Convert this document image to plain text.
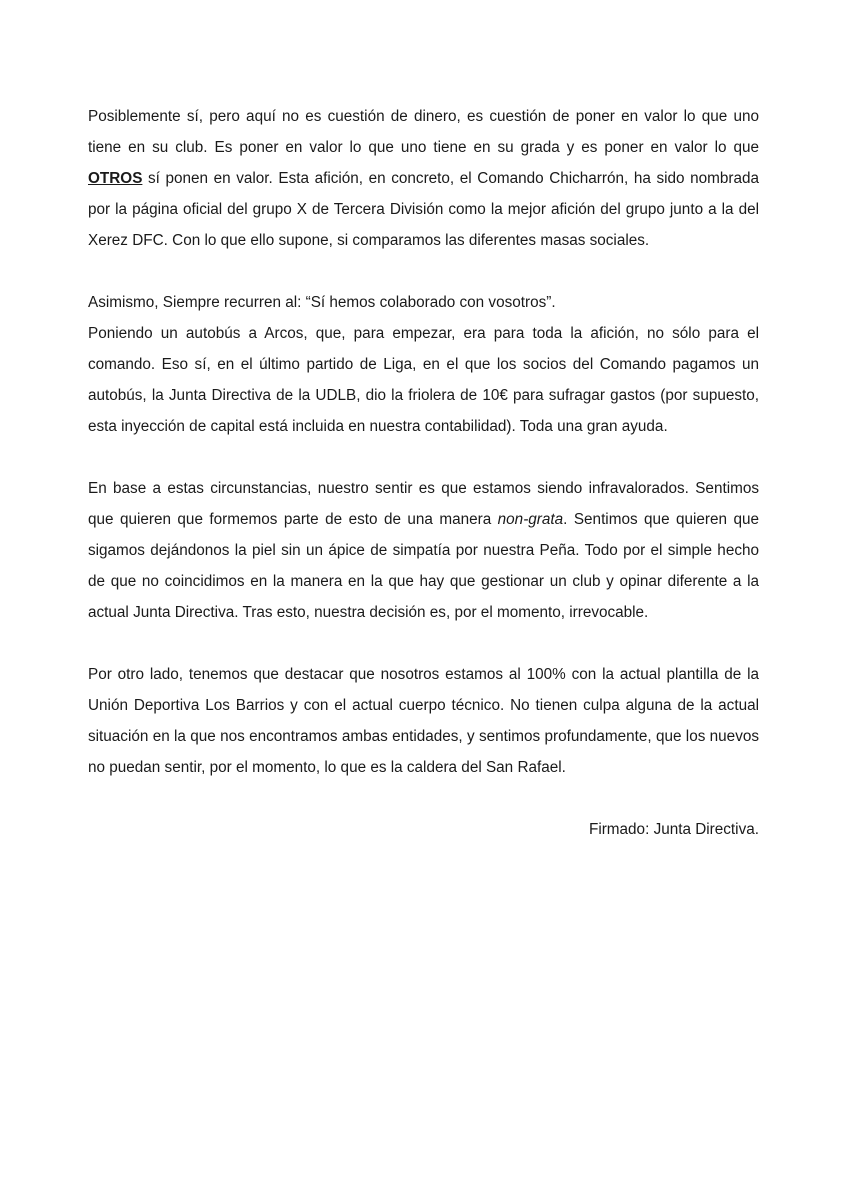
Posiblemente sí, pero aquí no es cuestión de dinero, es cuestión de poner en valor lo que uno tiene en su club. Es poner en valor lo que uno tiene en su grada y es poner en valor lo que OTROS sí ponen en valor. Esta afición, en concreto, el Comando Chicharrón, ha sido nombrada por la página oficial del grupo X de Tercera División como la mejor afición del grupo junto a la del Xerez DFC. Con lo que ello supone, si comparamos las diferentes masas sociales.

Asimismo, Siempre recurren al: “Sí hemos colaborado con vosotros”.

Poniendo un autobús a Arcos, que, para empezar, era para toda la afición, no sólo para el comando. Eso sí, en el último partido de Liga, en el que los socios del Comando pagamos un autobús, la Junta Directiva de la UDLB, dio la friolera de 10€ para sufragar gastos (por supuesto, esta inyección de capital está incluida en nuestra contabilidad). Toda una gran ayuda.

En base a estas circunstancias, nuestro sentir es que estamos siendo infravalorados. Sentimos que quieren que formemos parte de esto de una manera non-grata. Sentimos que quieren que sigamos dejándonos la piel sin un ápice de simpatía por nuestra Peña. Todo por el simple hecho de que no coincidimos en la manera en la que hay que gestionar un club y opinar diferente a la actual Junta Directiva. Tras esto, nuestra decisión es, por el momento, irrevocable.

Por otro lado, tenemos que destacar que nosotros estamos al 100% con la actual plantilla de la Unión Deportiva Los Barrios y con el actual cuerpo técnico. No tienen culpa alguna de la actual situación en la que nos encontramos ambas entidades, y sentimos profundamente, que los nuevos no puedan sentir, por el momento, lo que es la caldera del San Rafael.

Firmado: Junta Directiva.
